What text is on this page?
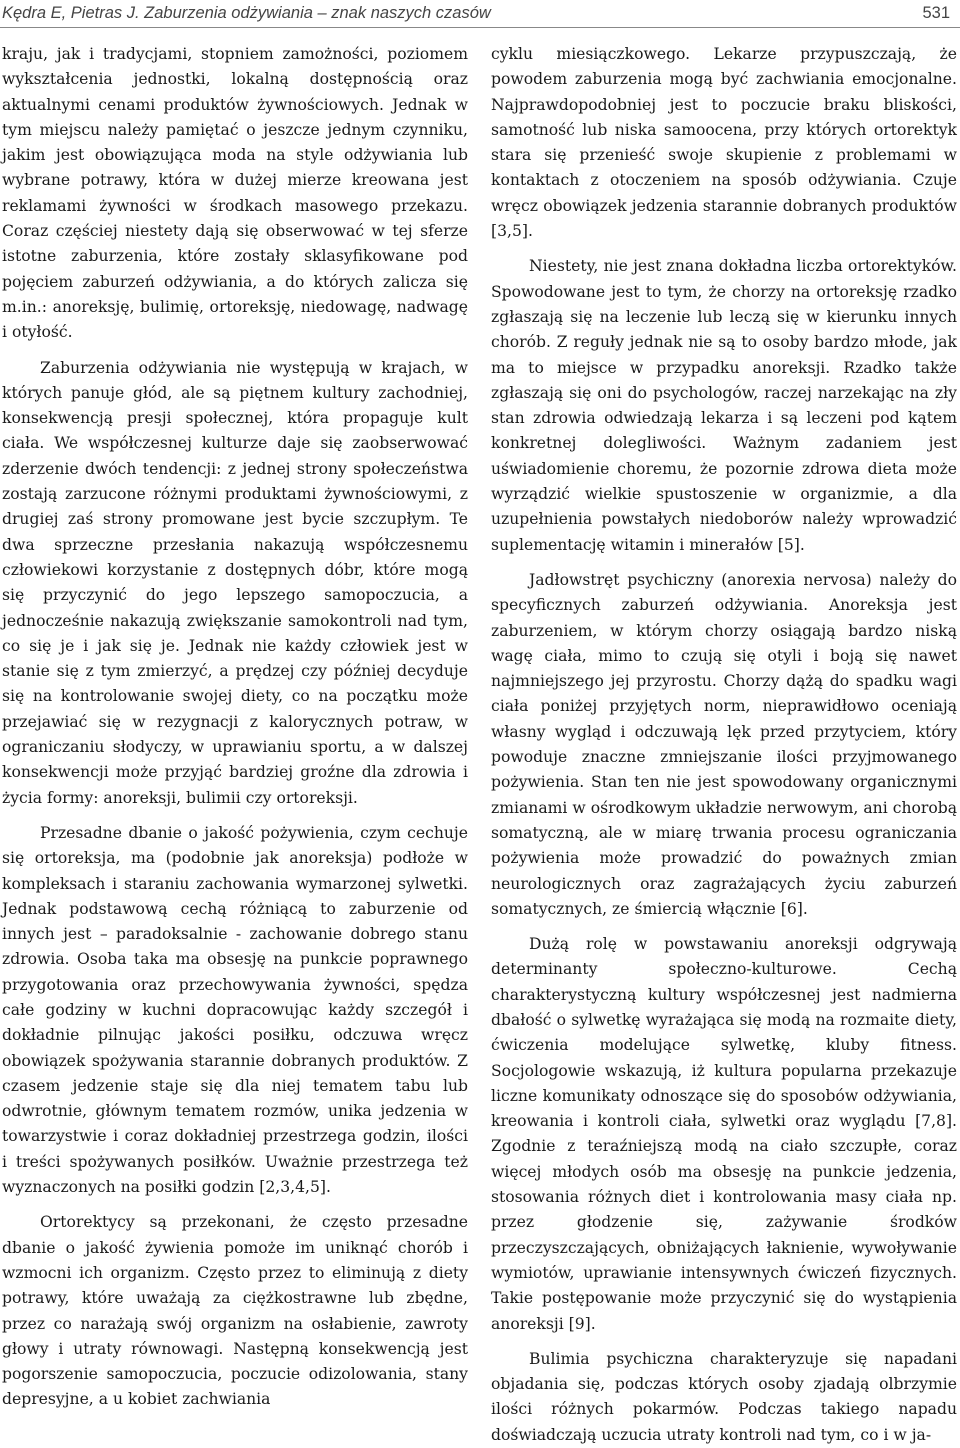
Kędra E, Pietras J. Zaburzenia odżywiania – znak naszych czasów	531

kraju, jak i tradycjami, stopniem zamożności, poziomem wykształcenia jednostki, lokalną dostępnością oraz aktualnymi cenami produktów żywnościowych. Jednak w tym miejscu należy pamiętać o jeszcze jednym czynniku, jakim jest obowiązująca moda na style odżywiania lub wybrane potrawy, która w dużej mierze kreowana jest reklamami żywności w środkach masowego przekazu. Coraz częściej niestety dają się obserwować w tej sferze istotne zaburzenia, które zostały sklasyfikowane pod pojęciem zaburzeń odżywiania, a do których zalicza się m.in.: anoreksję, bulimię, ortoreksję, niedowagę, nadwagę i otyłość.

Zaburzenia odżywiania nie występują w krajach, w których panuje głód, ale są piętnem kultury zachodniej, konsekwencją presji społecznej, która propaguje kult ciała. We współczesnej kulturze daje się zaobserwować zderzenie dwóch tendencji: z jednej strony społeczeństwa zostają zarzucone różnymi produktami żywnościowymi, z drugiej zaś strony promowane jest bycie szczupłym. Te dwa sprzeczne przesłania nakazują współczesnemu człowiekowi korzystanie z dostępnych dóbr, które mogą się przyczynić do jego lepszego samopoczucia, a jednocześnie nakazują zwiększanie samokontroli nad tym, co się je i jak się je. Jednak nie każdy człowiek jest w stanie się z tym zmierzyć, a prędzej czy później decyduje się na kontrolowanie swojej diety, co na początku może przejawiać się w rezygnacji z kalorycznych potraw, w ograniczaniu słodyczy, w uprawianiu sportu, a w dalszej konsekwencji może przyjąć bardziej groźne dla zdrowia i życia formy: anoreksji, bulimii czy ortoreksji.

Przesadne dbanie o jakość pożywienia, czym cechuje się ortoreksja, ma (podobnie jak anoreksja) podłoże w kompleksach i staraniu zachowania wymarzonej sylwetki. Jednak podstawową cechą różniącą to zaburzenie od innych jest – paradoksalnie - zachowanie dobrego stanu zdrowia. Osoba taka ma obsesję na punkcie poprawnego przygotowania oraz przechowywania żywności, spędza całe godziny w kuchni dopracowując każdy szczegół i dokładnie pilnując jakości posiłku, odczuwa wręcz obowiązek spożywania starannie dobranych produktów. Z czasem jedzenie staje się dla niej tematem tabu lub odwrotnie, głównym tematem rozmów, unika jedzenia w towarzystwie i coraz dokładniej przestrzega godzin, ilości i treści spożywanych posiłków. Uważnie przestrzega też wyznaczonych na posiłki godzin [2,3,4,5].

Ortorektycy są przekonani, że często przesadne dbanie o jakość żywienia pomoże im uniknąć chorób i wzmocni ich organizm. Często przez to eliminują z diety potrawy, które uważają za ciężkostrawne lub zbędne, przez co narażają swój organizm na osłabienie, zawroty głowy i utraty równowagi. Następną konsekwencją jest pogorszenie samopoczucia, poczucie odizolowania, stany depresyjne, a u kobiet zachwiania

cyklu miesiączkowego. Lekarze przypuszczają, że powodem zaburzenia mogą być zachwiania emocjonalne. Najprawdopodobniej jest to poczucie braku bliskości, samotność lub niska samoocena, przy których ortorektyk stara się przenieść swoje skupienie z problemami w kontaktach z otoczeniem na sposób odżywiania. Czuje wręcz obowiązek jedzenia starannie dobranych produktów [3,5].

Niestety, nie jest znana dokładna liczba ortorektyków. Spowodowane jest to tym, że chorzy na ortoreksję rzadko zgłaszają się na leczenie lub leczą się w kierunku innych chorób. Z reguły jednak nie są to osoby bardzo młode, jak ma to miejsce w przypadku anoreksji. Rzadko także zgłaszają się oni do psychologów, raczej narzekając na zły stan zdrowia odwiedzają lekarza i są leczeni pod kątem konkretnej dolegliwości. Ważnym zadaniem jest uświadomienie choremu, że pozornie zdrowa dieta może wyrządzić wielkie spustoszenie w organizmie, a dla uzupełnienia powstałych niedoborów należy wprowadzić suplementację witamin i minerałów [5].

Jadłowstręt psychiczny (anorexia nervosa) należy do specyficznych zaburzeń odżywiania. Anoreksja jest zaburzeniem, w którym chorzy osiągają bardzo niską wagę ciała, mimo to czują się otyli i boją się nawet najmniejszego jej przyrostu. Chorzy dążą do spadku wagi ciała poniżej przyjętych norm, nieprawidłowo oceniają własny wygląd i odczuwają lęk przed przytyciem, który powoduje znaczne zmniejszanie ilości przyjmowanego pożywienia. Stan ten nie jest spowodowany organicznymi zmianami w ośrodkowym układzie nerwowym, ani chorobą somatyczną, ale w miarę trwania procesu ograniczania pożywienia może prowadzić do poważnych zmian neurologicznych oraz zagrażających życiu zaburzeń somatycznych, ze śmiercią włącznie [6].

Dużą rolę w powstawaniu anoreksji odgrywają determinanty społeczno-kulturowe. Cechą charakterystyczną kultury współczesnej jest nadmierna dbałość o sylwetkę wyrażająca się modą na rozmaite diety, ćwiczenia modelujące sylwetkę, kluby fitness. Socjologowie wskazują, iż kultura popularna przekazuje liczne komunikaty odnoszące się do sposobów odżywiania, kreowania i kontroli ciała, sylwetki oraz wyglądu [7,8]. Zgodnie z teraźniejszą modą na ciało szczupłe, coraz więcej młodych osób ma obsesję na punkcie jedzenia, stosowania różnych diet i kontrolowania masy ciała np. przez głodzenie się, zażywanie środków przeczyszczających, obniżających łaknienie, wywoływanie wymiotów, uprawianie intensywnych ćwiczeń fizycznych. Takie postępowanie może przyczynić się do wystąpienia anoreksji [9].

Bulimia psychiczna charakteryzuje się napadani objadania się, podczas których osoby zjadają olbrzymie ilości różnych pokarmów. Podczas takiego napadu doświadczają uczucia utraty kontroli nad tym, co i w ja-
